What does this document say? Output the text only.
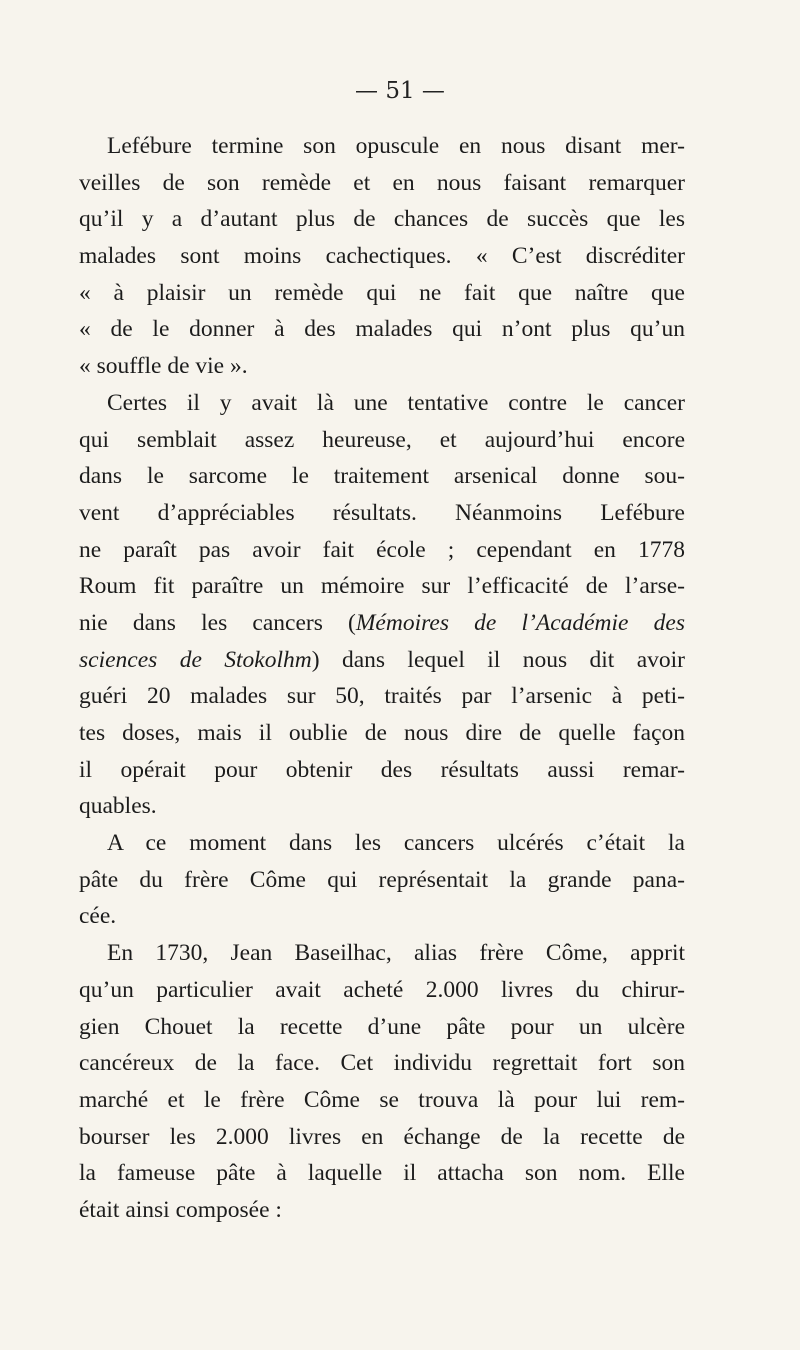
— 51 —
Lefébure termine son opuscule en nous disant mer-
veilles de son remède et en nous faisant remarquer
qu’il y a d’autant plus de chances de succès que les
malades sont moins cachectiques. « C’est discréditer
« à plaisir un remède qui ne fait que naître que
« de le donner à des malades qui n’ont plus qu’un
« souffle de vie ».
Certes il y avait là une tentative contre le cancer
qui semblait assez heureuse, et aujourd’hui encore
dans le sarcome le traitement arsenical donne sou-
vent d’appréciables résultats. Néanmoins Lefébure
ne paraît pas avoir fait école ; cependant en 1778
Roum fit paraître un mémoire sur l’efficacité de l’arse-
nie dans les cancers (Mémoires de l’Académie des
sciences de Stokolhm) dans lequel il nous dit avoir
guéri 20 malades sur 50, traités par l’arsenic à peti-
tes doses, mais il oublie de nous dire de quelle façon
il opérait pour obtenir des résultats aussi remar-
quables.
A ce moment dans les cancers ulcérés c’était la
pâte du frère Côme qui représentait la grande pana-
cée.
En 1730, Jean Baseilhac, alias frère Côme, apprit
qu’un particulier avait acheté 2.000 livres du chirur-
gien Chouet la recette d’une pâte pour un ulcère
cancéreux de la face. Cet individu regrettait fort son
marché et le frère Côme se trouva là pour lui rem-
bourser les 2.000 livres en échange de la recette de
la fameuse pâte à laquelle il attacha son nom. Elle
était ainsi composée :
